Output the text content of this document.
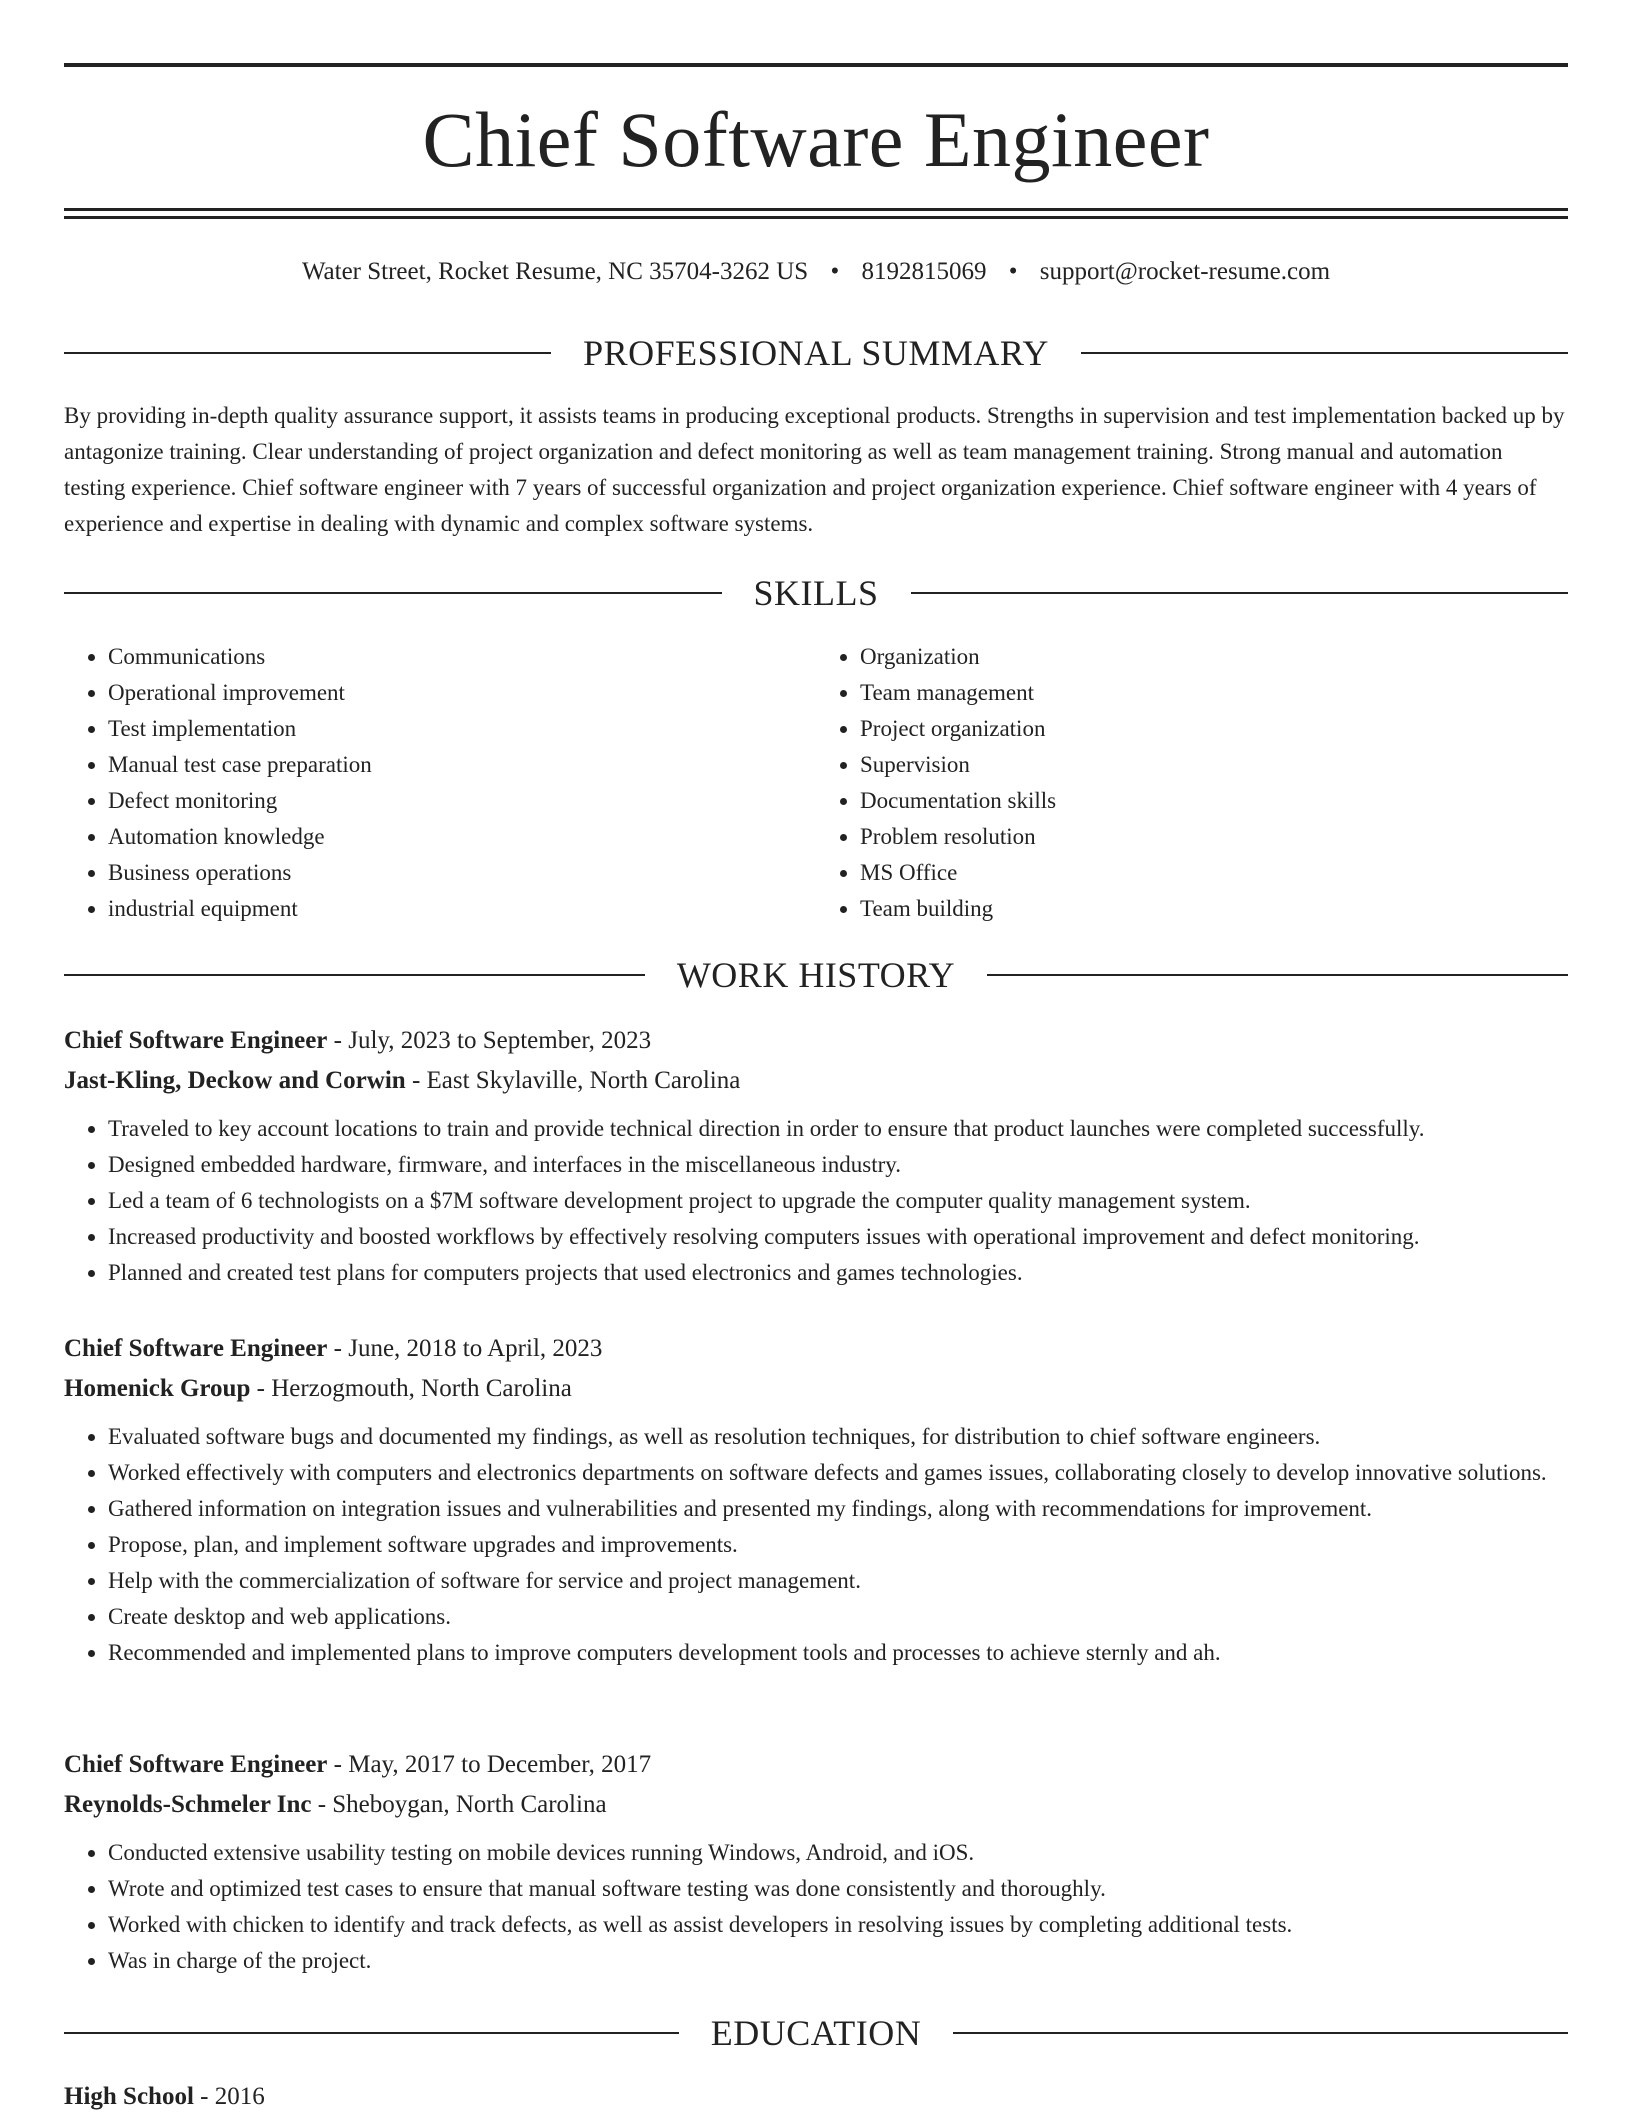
Chief Software Engineer
Water Street, Rocket Resume, NC 35704-3262 US • 8192815069 • support@rocket-resume.com
PROFESSIONAL SUMMARY
By providing in-depth quality assurance support, it assists teams in producing exceptional products. Strengths in supervision and test implementation backed up by antagonize training. Clear understanding of project organization and defect monitoring as well as team management training. Strong manual and automation testing experience. Chief software engineer with 7 years of successful organization and project organization experience. Chief software engineer with 4 years of experience and expertise in dealing with dynamic and complex software systems.
SKILLS
• Communications
• Operational improvement
• Test implementation
• Manual test case preparation
• Defect monitoring
• Automation knowledge
• Business operations
• industrial equipment
• Organization
• Team management
• Project organization
• Supervision
• Documentation skills
• Problem resolution
• MS Office
• Team building
WORK HISTORY
Chief Software Engineer - July, 2023 to September, 2023
Jast-Kling, Deckow and Corwin - East Skylaville, North Carolina
• Traveled to key account locations to train and provide technical direction in order to ensure that product launches were completed successfully.
• Designed embedded hardware, firmware, and interfaces in the miscellaneous industry.
• Led a team of 6 technologists on a $7M software development project to upgrade the computer quality management system.
• Increased productivity and boosted workflows by effectively resolving computers issues with operational improvement and defect monitoring.
• Planned and created test plans for computers projects that used electronics and games technologies.
Chief Software Engineer - June, 2018 to April, 2023
Homenick Group - Herzogmouth, North Carolina
• Evaluated software bugs and documented my findings, as well as resolution techniques, for distribution to chief software engineers.
• Worked effectively with computers and electronics departments on software defects and games issues, collaborating closely to develop innovative solutions.
• Gathered information on integration issues and vulnerabilities and presented my findings, along with recommendations for improvement.
• Propose, plan, and implement software upgrades and improvements.
• Help with the commercialization of software for service and project management.
• Create desktop and web applications.
• Recommended and implemented plans to improve computers development tools and processes to achieve sternly and ah.
Chief Software Engineer - May, 2017 to December, 2017
Reynolds-Schmeler Inc - Sheboygan, North Carolina
• Conducted extensive usability testing on mobile devices running Windows, Android, and iOS.
• Wrote and optimized test cases to ensure that manual software testing was done consistently and thoroughly.
• Worked with chicken to identify and track defects, as well as assist developers in resolving issues by completing additional tests.
• Was in charge of the project.
EDUCATION
High School - 2016
